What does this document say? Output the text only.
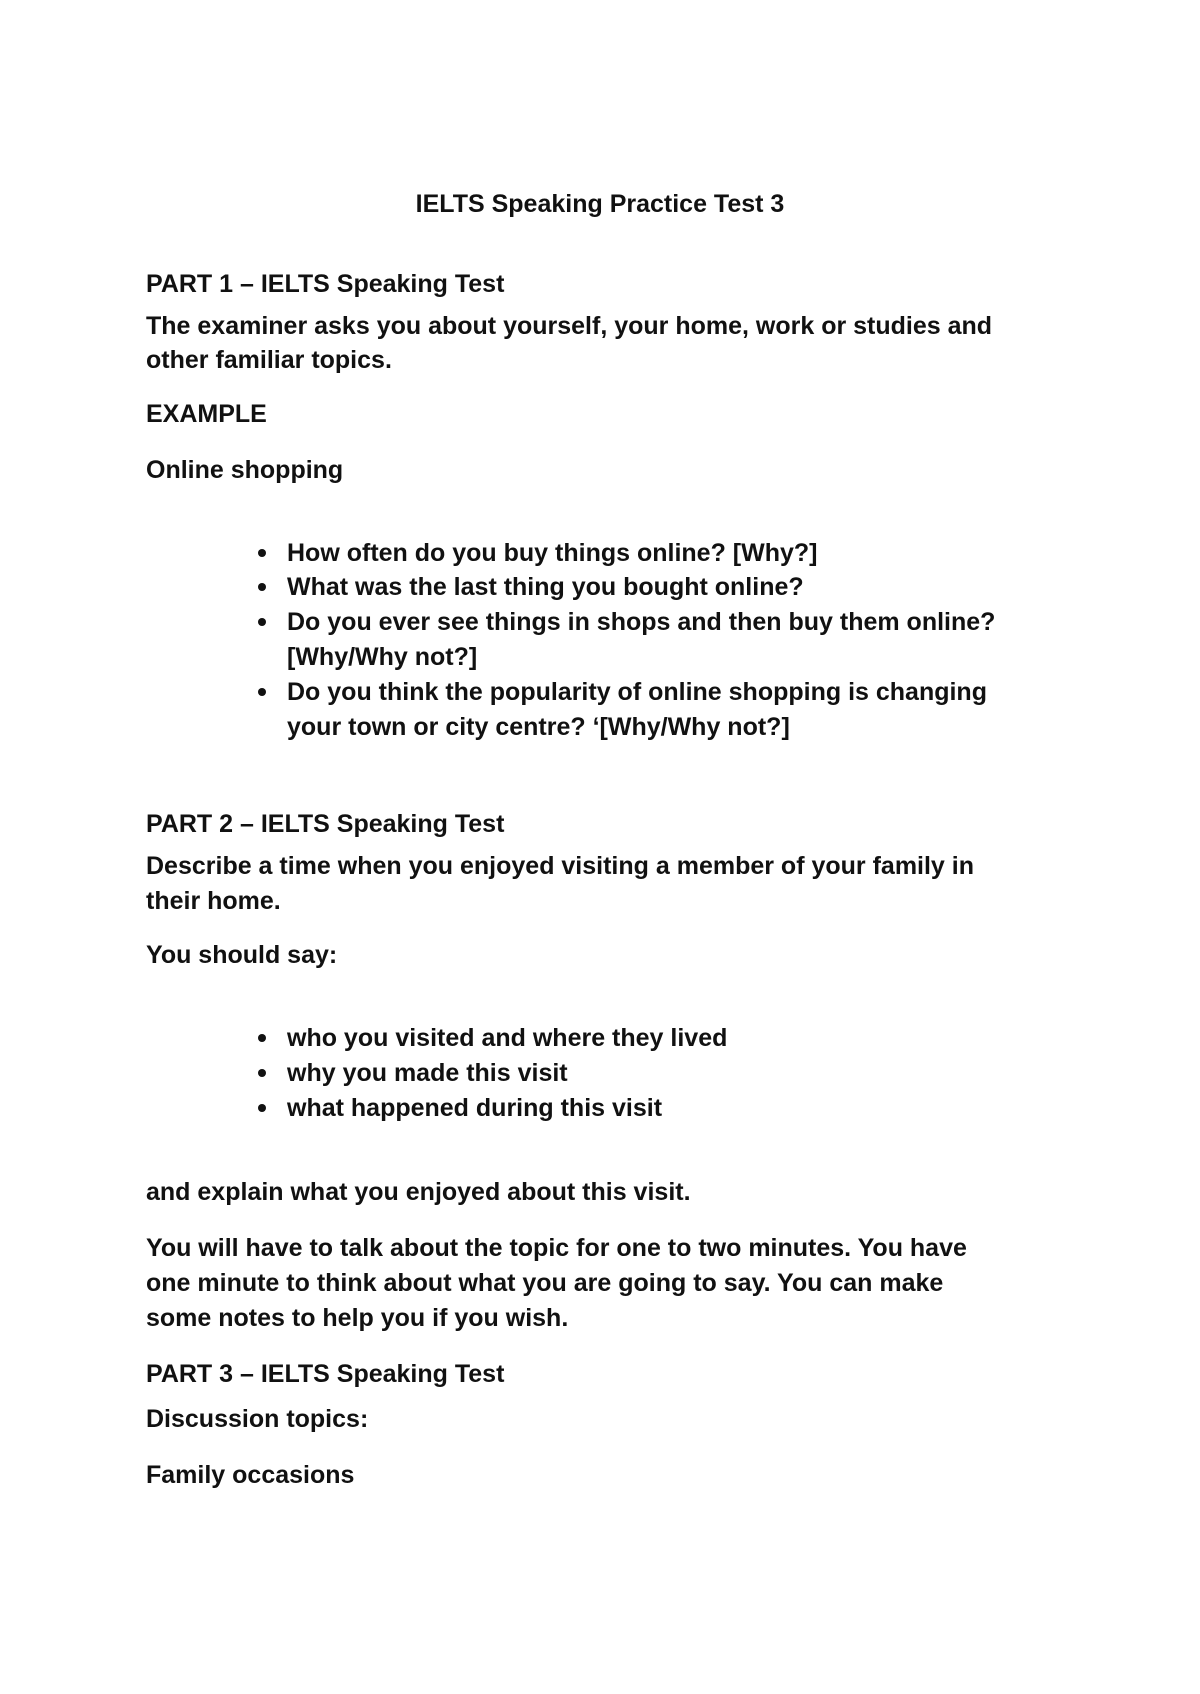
IELTS Speaking Practice Test 3
PART 1 – IELTS Speaking Test
The examiner asks you about yourself, your home, work or studies and
other familiar topics.
EXAMPLE
Online shopping
How often do you buy things online? [Why?]
What was the last thing you bought online?
Do you ever see things in shops and then buy them online?
[Why/Why not?]
Do you think the popularity of online shopping is changing
your town or city centre? ‘[Why/Why not?]
PART 2 – IELTS Speaking Test
Describe a time when you enjoyed visiting a member of your family in
their home.
You should say:
who you visited and where they lived
why you made this visit
what happened during this visit
and explain what you enjoyed about this visit.
You will have to talk about the topic for one to two minutes. You have
one minute to think about what you are going to say. You can make
some notes to help you if you wish.
PART 3 – IELTS Speaking Test
Discussion topics:
Family occasions
